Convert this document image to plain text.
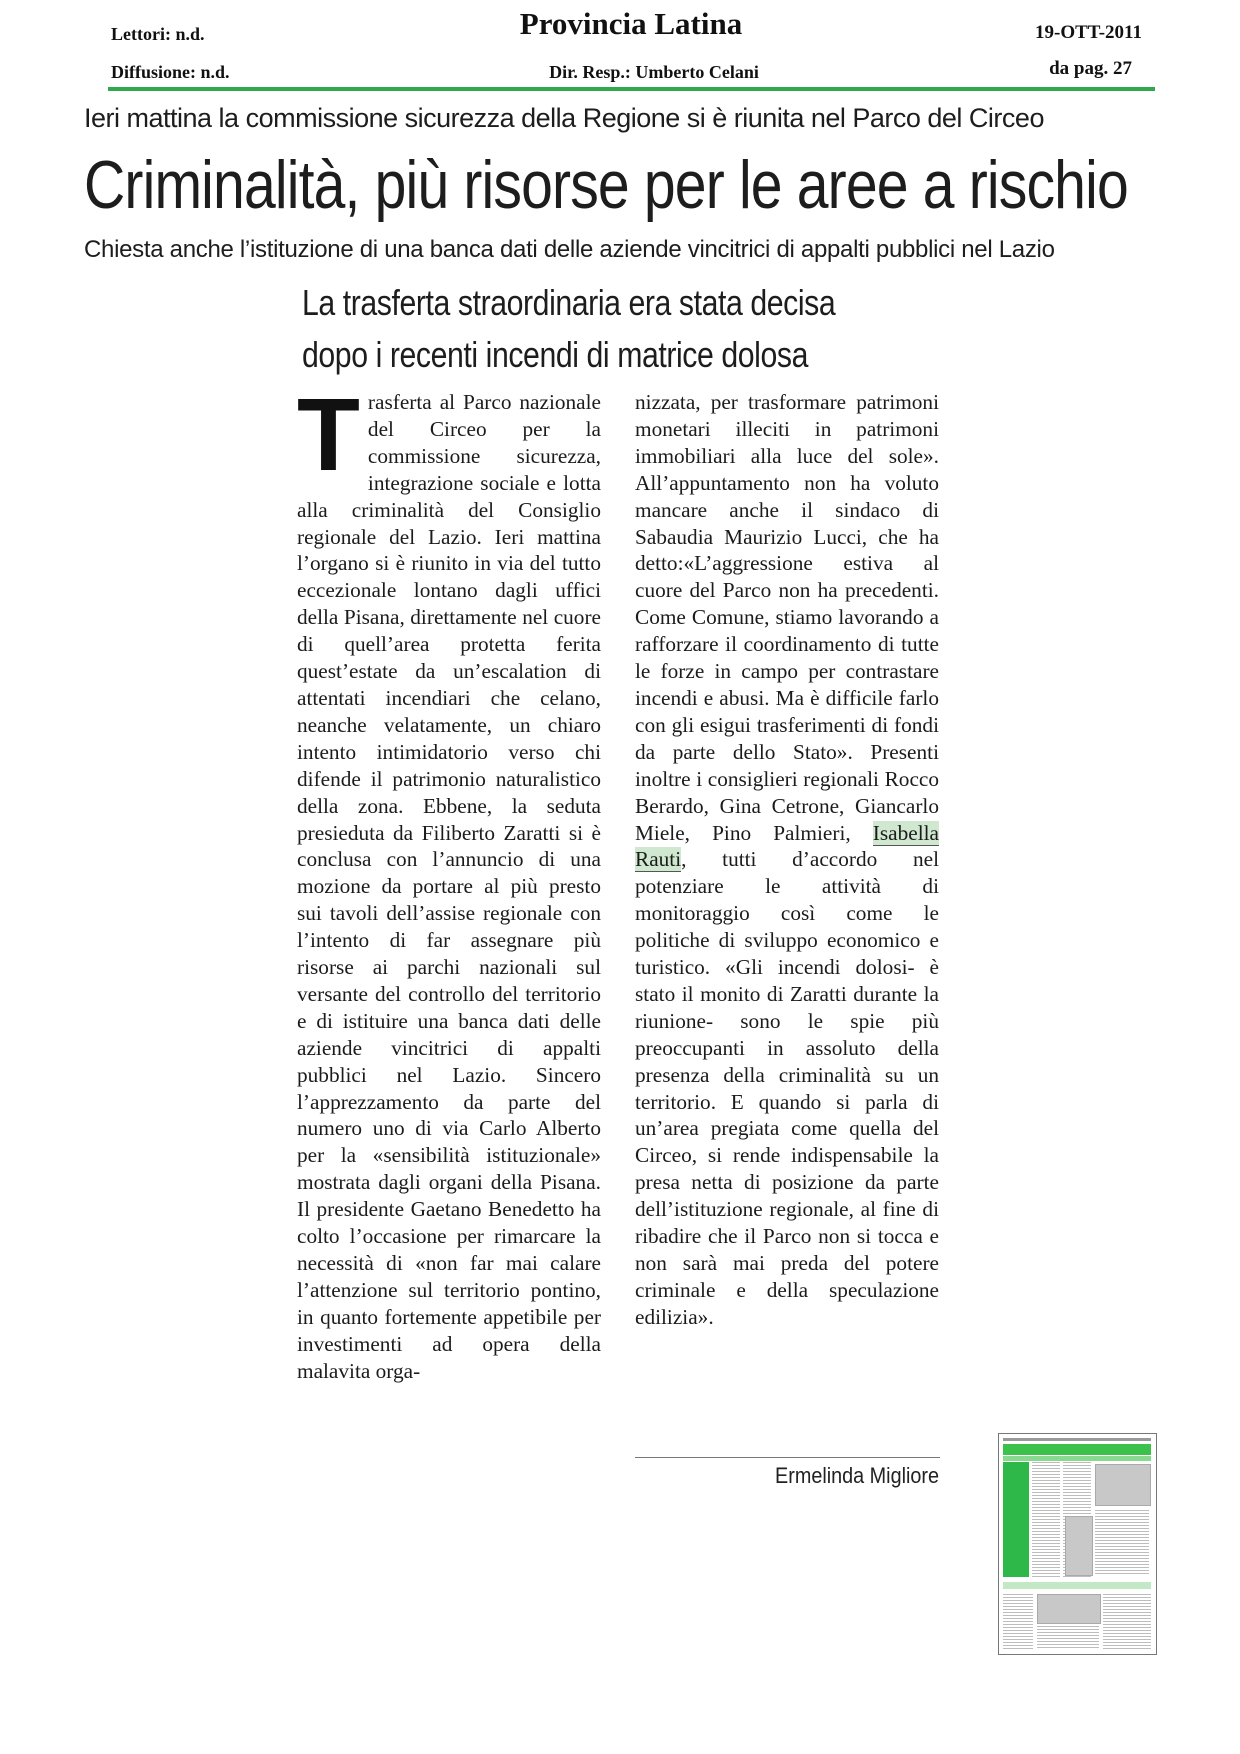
Lettori: n.d.
Diffusione: n.d.
Provincia Latina
Dir. Resp.: Umberto Celani
19-OTT-2011
da pag. 27
Ieri mattina la commissione sicurezza della Regione si è riunita nel Parco del Circeo
Criminalità, più risorse per le aree a rischio
Chiesta anche l’istituzione di una banca dati delle aziende vincitrici di appalti pubblici nel Lazio
La trasferta straordinaria era stata decisa
dopo i recenti incendi di matrice dolosa

Trasferta al Parco nazionale del Circeo per la commissione sicurezza, integrazione sociale e lotta alla criminalità del Consiglio regionale del Lazio. Ieri mattina l’organo si è riunito in via del tutto eccezionale lontano dagli uffici della Pisana, direttamente nel cuore di quell’area protetta ferita quest’estate da un’escalation di attentati incendiari che celano, neanche velatamente, un chiaro intento intimidatorio verso chi difende il patrimonio naturalistico della zona. Ebbene, la seduta presieduta da Filiberto Zaratti si è conclusa con l’annuncio di una mozione da portare al più presto sui tavoli dell’assise regionale con l’intento di far assegnare più risorse ai parchi nazionali sul versante del controllo del territorio e di istituire una banca dati delle aziende vincitrici di appalti pubblici nel Lazio. Sincero l’apprezzamento da parte del numero uno di via Carlo Alberto per la «sensibilità istituzionale» mostrata dagli organi della Pisana. Il presidente Gaetano Benedetto ha colto l’occasione per rimarcare la necessità di «non far mai calare l’attenzione sul territorio pontino, in quanto fortemente appetibile per investimenti ad opera della malavita orga-

nizzata, per trasformare patrimoni monetari illeciti in patrimoni immobiliari alla luce del sole». All’appuntamento non ha voluto mancare anche il sindaco di Sabaudia Maurizio Lucci, che ha detto:«L’aggressione estiva al cuore del Parco non ha precedenti. Come Comune, stiamo lavorando a rafforzare il coordinamento di tutte le forze in campo per contrastare incendi e abusi. Ma è difficile farlo con gli esigui trasferimenti di fondi da parte dello Stato». Presenti inoltre i consiglieri regionali Rocco Berardo, Gina Cetrone, Giancarlo Miele, Pino Palmieri, Isabella Rauti, tutti d’accordo nel potenziare le attività di monitoraggio così come le politiche di sviluppo economico e turistico. «Gli incendi dolosi- è stato il monito di Zaratti durante la riunione- sono le spie più preoccupanti in assoluto della presenza della criminalità su un territorio. E quando si parla di un’area pregiata come quella del Circeo, si rende indispensabile la presa netta di posizione da parte dell’istituzione regionale, al fine di ribadire che il Parco non si tocca e non sarà mai preda del potere criminale e della speculazione edilizia».

Ermelinda Migliore
